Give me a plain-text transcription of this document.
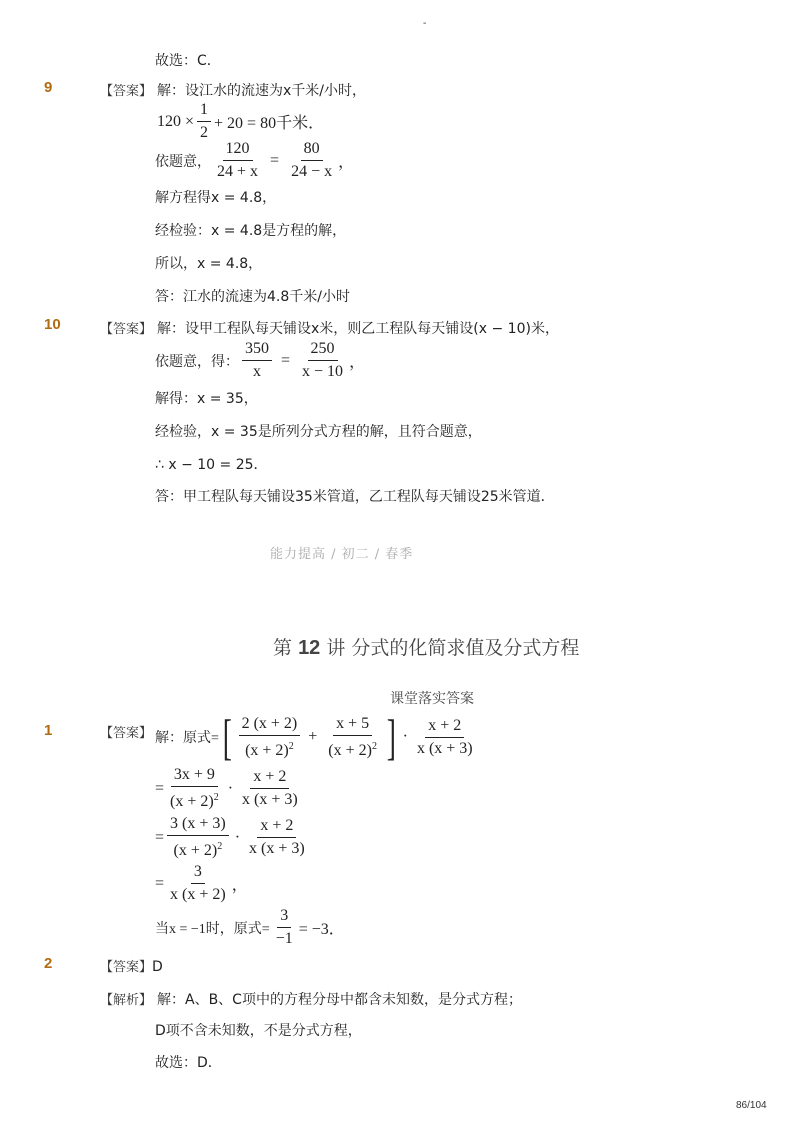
-
故选：C．
9	【答案】 解：设江水的流速为x千米/小时，
$120 \times \frac{1}{2} + 20 = 80$千米．
依题意， $\frac{120}{24 + x} = \frac{80}{24 - x}$ ，
解方程得x = 4.8，
经检验：x = 4.8是方程的解，
所以，x = 4.8，
答：江水的流速为4.8千米/小时
10	【答案】 解：设甲工程队每天铺设x米，则乙工程队每天铺设(x − 10)米，
依题意，得： $\frac{350}{x} = \frac{250}{x - 10}$ ，
解得：x = 35，
经检验，x = 35是所列分式方程的解，且符合题意，
∴ x − 10 = 25．
答：甲工程队每天铺设35米管道，乙工程队每天铺设25米管道．
能力提高 / 初二 / 春季
第 12 讲 分式的化简求值及分式方程
课堂落实答案
1	【答案】 解：原式= [ $\frac{2 (x + 2)}{(x + 2)^2} + \frac{x + 5}{(x + 2)^2}$ ] · $\frac{x + 2}{x (x + 3)}$
= $\frac{3x + 9}{(x + 2)^2} \cdot \frac{x + 2}{x (x + 3)}$
= $\frac{3 (x + 3)}{(x + 2)^2} \cdot \frac{x + 2}{x (x + 3)}$
= $\frac{3}{x (x + 2)}$ ，
当x = −1时，原式= $\frac{3}{-1} = -3$．
2	【答案】D
【解析】 解：A、B、C项中的方程分母中都含未知数，是分式方程；
D项不含未知数，不是分式方程，
故选：D．
86/104
